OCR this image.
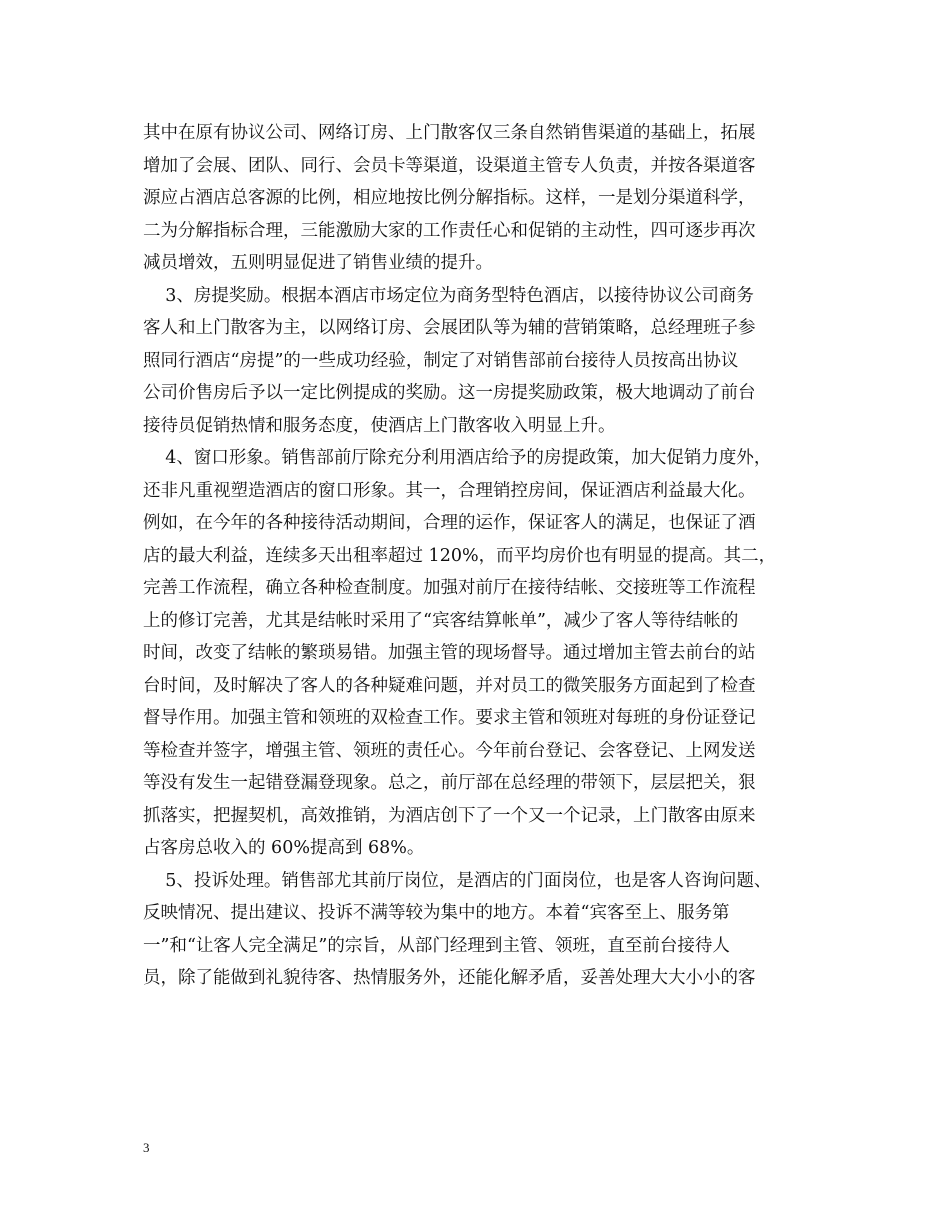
其中在原有协议公司、网络订房、上门散客仅三条自然销售渠道的基础上，拓展
增加了会展、团队、同行、会员卡等渠道，设渠道主管专人负责，并按各渠道客
源应占酒店总客源的比例，相应地按比例分解指标。这样，一是划分渠道科学，
二为分解指标合理，三能激励大家的工作责任心和促销的主动性，四可逐步再次
减员增效，五则明显促进了销售业绩的提升。
3、房提奖励。根据本酒店市场定位为商务型特色酒店，以接待协议公司商务
客人和上门散客为主，以网络订房、会展团队等为辅的营销策略，总经理班子参
照同行酒店“房提”的一些成功经验，制定了对销售部前台接待人员按高出协议
公司价售房后予以一定比例提成的奖励。这一房提奖励政策，极大地调动了前台
接待员促销热情和服务态度，使酒店上门散客收入明显上升。
4、窗口形象。销售部前厅除充分利用酒店给予的房提政策，加大促销力度外，
还非凡重视塑造酒店的窗口形象。其一，合理销控房间，保证酒店利益最大化。
例如，在今年的各种接待活动期间，合理的运作，保证客人的满足，也保证了酒
店的最大利益，连续多天出租率超过 120%，而平均房价也有明显的提高。其二，
完善工作流程，确立各种检查制度。加强对前厅在接待结帐、交接班等工作流程
上的修订完善，尤其是结帐时采用了“宾客结算帐单”，减少了客人等待结帐的
时间，改变了结帐的繁琐易错。加强主管的现场督导。通过增加主管去前台的站
台时间，及时解决了客人的各种疑难问题，并对员工的微笑服务方面起到了检查
督导作用。加强主管和领班的双检查工作。要求主管和领班对每班的身份证登记
等检查并签字，增强主管、领班的责任心。今年前台登记、会客登记、上网发送
等没有发生一起错登漏登现象。总之，前厅部在总经理的带领下，层层把关，狠
抓落实，把握契机，高效推销，为酒店创下了一个又一个记录，上门散客由原来
占客房总收入的 60%提高到 68%。
5、投诉处理。销售部尤其前厅岗位，是酒店的门面岗位，也是客人咨询问题、
反映情况、提出建议、投诉不满等较为集中的地方。本着“宾客至上、服务第
一”和“让客人完全满足”的宗旨，从部门经理到主管、领班，直至前台接待人
员，除了能做到礼貌待客、热情服务外，还能化解矛盾，妥善处理大大小小的客
3
